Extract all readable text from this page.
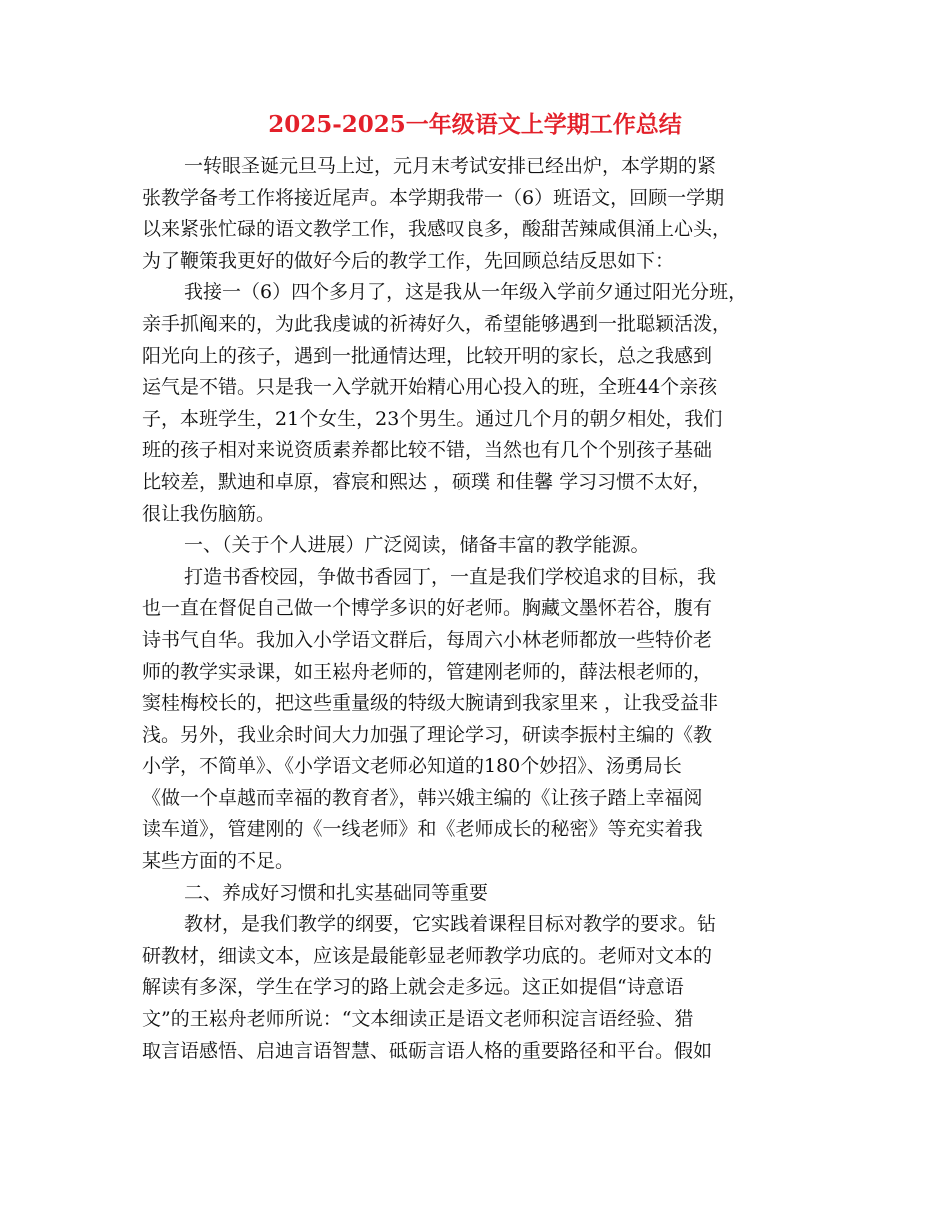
2025-2025一年级语文上学期工作总结
一转眼圣诞元旦马上过，元月末考试安排已经出炉，本学期的紧
张教学备考工作将接近尾声。本学期我带一（6）班语文，回顾一学期
以来紧张忙碌的语文教学工作，我感叹良多，酸甜苦辣咸俱涌上心头，
为了鞭策我更好的做好今后的教学工作，先回顾总结反思如下：
我接一（6）四个多月了，这是我从一年级入学前夕通过阳光分班，
亲手抓阄来的，为此我虔诚的祈祷好久，希望能够遇到一批聪颖活泼，
阳光向上的孩子，遇到一批通情达理，比较开明的家长，总之我感到
运气是不错。只是我一入学就开始精心用心投入的班，全班44个亲孩
子，本班学生，21个女生，23个男生。通过几个月的朝夕相处，我们
班的孩子相对来说资质素养都比较不错，当然也有几个个别孩子基础
比较差，默迪和卓原，睿宸和熙达 ，硕璞 和佳馨 学习习惯不太好，
很让我伤脑筋。
一、（关于个人进展）广泛阅读，储备丰富的教学能源。
打造书香校园，争做书香园丁，一直是我们学校追求的目标，我
也一直在督促自己做一个博学多识的好老师。胸藏文墨怀若谷，腹有
诗书气自华。我加入小学语文群后，每周六小林老师都放一些特价老
师的教学实录课，如王崧舟老师的，管建刚老师的，薛法根老师的，
窦桂梅校长的，把这些重量级的特级大腕请到我家里来 ，让我受益非
浅。另外，我业余时间大力加强了理论学习，研读李振村主编的《教
小学，不简单》、《小学语文老师必知道的180个妙招》、汤勇局长
《做一个卓越而幸福的教育者》，韩兴娥主编的《让孩子踏上幸福阅
读车道》，管建刚的《一线老师》和《老师成长的秘密》等充实着我
某些方面的不足。
二、养成好习惯和扎实基础同等重要
教材，是我们教学的纲要，它实践着课程目标对教学的要求。钻
研教材，细读文本，应该是最能彰显老师教学功底的。老师对文本的
解读有多深，学生在学习的路上就会走多远。这正如提倡“诗意语
文”的王崧舟老师所说：“文本细读正是语文老师积淀言语经验、猎
取言语感悟、启迪言语智慧、砥砺言语人格的重要路径和平台。假如
